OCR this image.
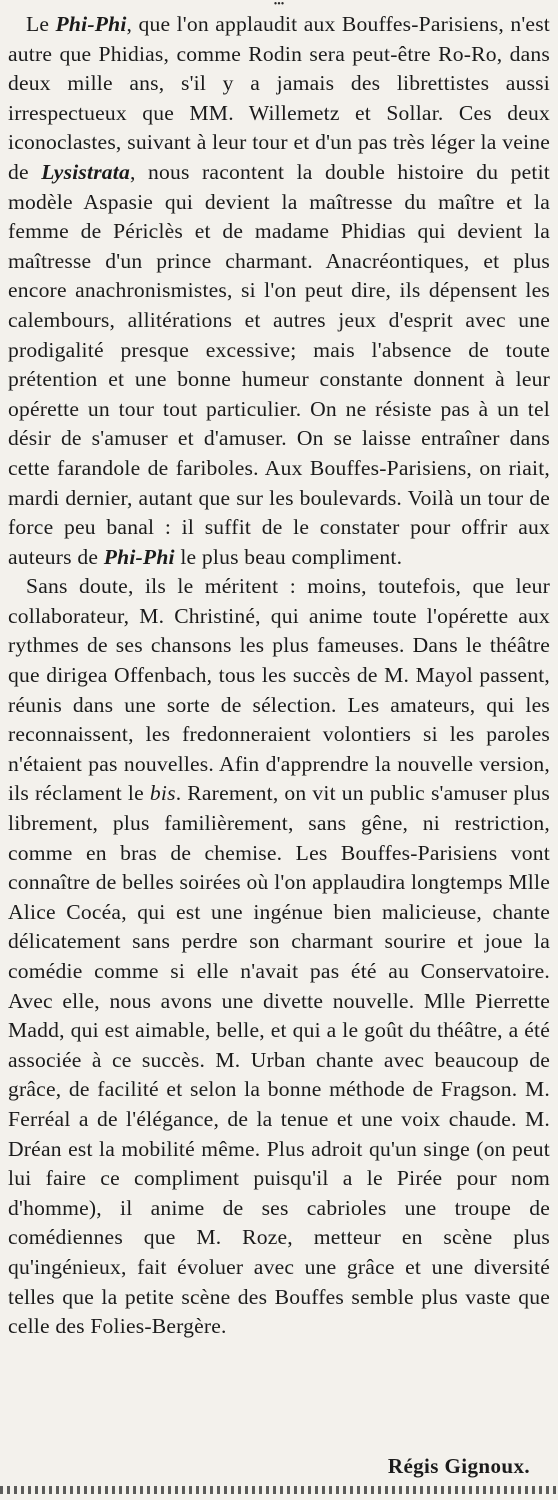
•••

Le Phi-Phi, que l'on applaudit aux Bouffes-Parisiens, n'est autre que Phidias, comme Rodin sera peut-être Ro-Ro, dans deux mille ans, s'il y a jamais des librettistes aussi irrespectueux que MM. Willemetz et Sollar. Ces deux iconoclastes, suivant à leur tour et d'un pas très léger la veine de Lysistrata, nous racontent la double histoire du petit modèle Aspasie qui devient la maîtresse du maître et la femme de Périclès et de madame Phidias qui devient la maîtresse d'un prince charmant. Anacréontiques, et plus encore anachronismistes, si l'on peut dire, ils dépensent les calembours, allitérations et autres jeux d'esprit avec une prodigalité presque excessive; mais l'absence de toute prétention et une bonne humeur constante donnent à leur opérette un tour tout particulier. On ne résiste pas à un tel désir de s'amuser et d'amuser. On se laisse entraîner dans cette farandole de fariboles. Aux Bouffes-Parisiens, on riait, mardi dernier, autant que sur les boulevards. Voilà un tour de force peu banal : il suffit de le constater pour offrir aux auteurs de Phi-Phi le plus beau compliment.

Sans doute, ils le méritent : moins, toutefois, que leur collaborateur, M. Christiné, qui anime toute l'opérette aux rythmes de ses chansons les plus fameuses. Dans le théâtre que dirigea Offenbach, tous les succès de M. Mayol passent, réunis dans une sorte de sélection. Les amateurs, qui les reconnaissent, les fredonneraient volontiers si les paroles n'étaient pas nouvelles. Afin d'apprendre la nouvelle version, ils réclament le bis. Rarement, on vit un public s'amuser plus librement, plus familièrement, sans gêne, ni restriction, comme en bras de chemise. Les Bouffes-Parisiens vont connaître de belles soirées où l'on applaudira longtemps Mlle Alice Cocéa, qui est une ingénue bien malicieuse, chante délicatement sans perdre son charmant sourire et joue la comédie comme si elle n'avait pas été au Conservatoire. Avec elle, nous avons une divette nouvelle. Mlle Pierrette Madd, qui est aimable, belle, et qui a le goût du théâtre, a été associée à ce succès. M. Urban chante avec beaucoup de grâce, de facilité et selon la bonne méthode de Fragson. M. Ferréal a de l'élégance, de la tenue et une voix chaude. M. Dréan est la mobilité même. Plus adroit qu'un singe (on peut lui faire ce compliment puisqu'il a le Pirée pour nom d'homme), il anime de ses cabrioles une troupe de comédiennes que M. Roze, metteur en scène plus qu'ingénieux, fait évoluer avec une grâce et une diversité telles que la petite scène des Bouffes semble plus vaste que celle des Folies-Bergère.

Régis Gignoux.
